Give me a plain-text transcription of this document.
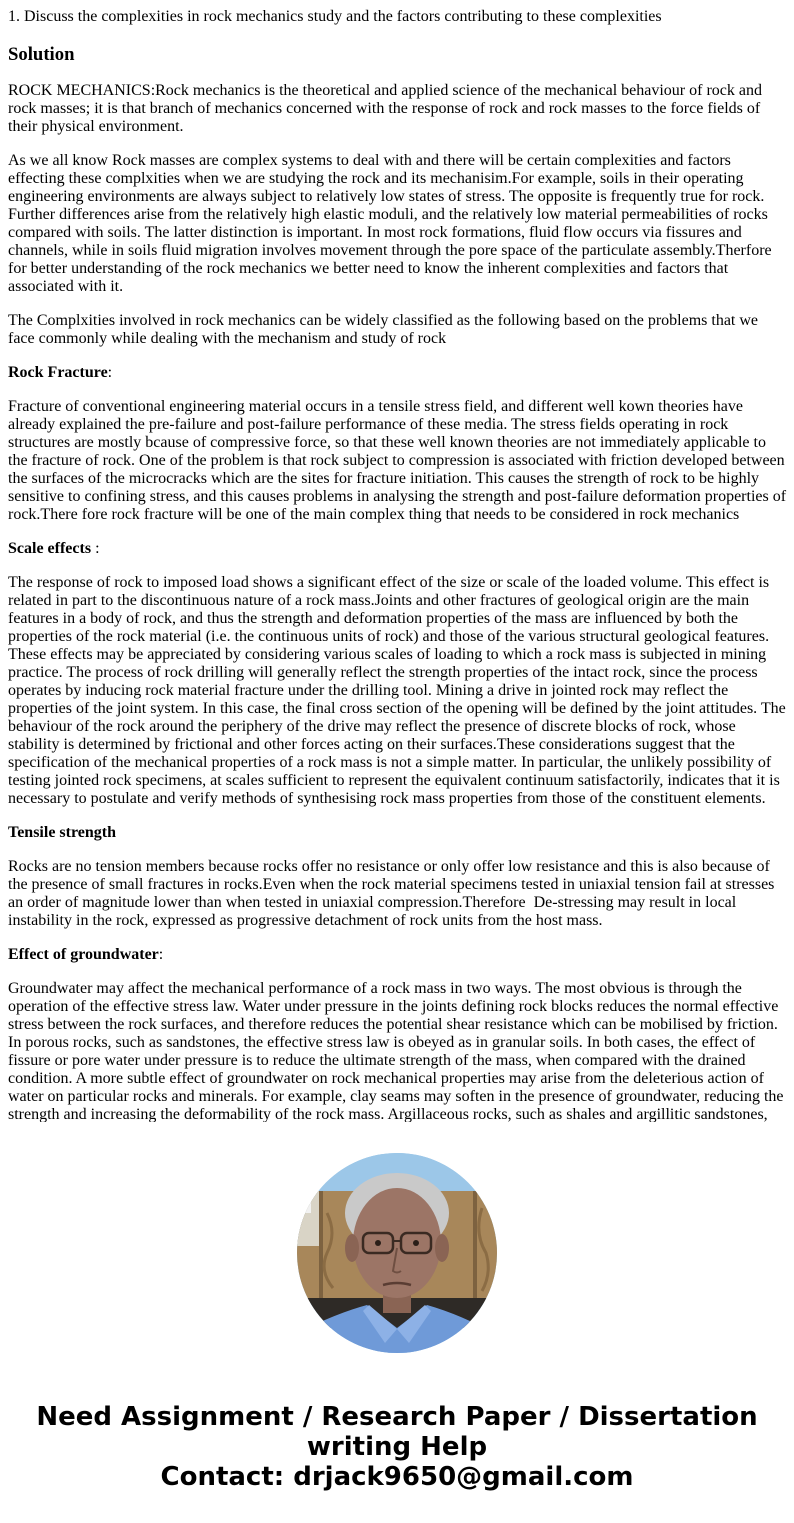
1. Discuss the complexities in rock mechanics study and the factors contributing to these complexities
Solution

ROCK MECHANICS:Rock mechanics is the theoretical and applied science of the mechanical behaviour of rock and rock masses; it is that branch of mechanics concerned with the response of rock and rock masses to the force fields of their physical environment.

As we all know Rock masses are complex systems to deal with and there will be certain complexities and factors effecting these complxities when we are studying the rock and its mechanisim.For example, soils in their operating engineering environments are always subject to relatively low states of stress. The opposite is frequently true for rock. Further differences arise from the relatively high elastic moduli, and the relatively low material permeabilities of rocks compared with soils. The latter distinction is important. In most rock formations, fluid flow occurs via fissures and channels, while in soils fluid migration involves movement through the pore space of the particulate assembly.Therfore for better understanding of the rock mechanics we better need to know the inherent complexities and factors that associated with it.

The Complxities involved in rock mechanics can be widely classified as the following based on the problems that we face commonly while dealing with the mechanism and study of rock

Rock Fracture:

Fracture of conventional engineering material occurs in a tensile stress field, and different well kown theories have already explained the pre-failure and post-failure performance of these media. The stress fields operating in rock structures are mostly bcause of compressive force, so that these well known theories are not immediately applicable to the fracture of rock. One of the problem is that rock subject to compression is associated with friction developed between the surfaces of the microcracks which are the sites for fracture initiation. This causes the strength of rock to be highly sensitive to confining stress, and this causes problems in analysing the strength and post-failure deformation properties of rock.There fore rock fracture will be one of the main complex thing that needs to be considered in rock mechanics

Scale effects :

The response of rock to imposed load shows a significant effect of the size or scale of the loaded volume. This effect is related in part to the discontinuous nature of a rock mass.Joints and other fractures of geological origin are the main features in a body of rock, and thus the strength and deformation properties of the mass are influenced by both the properties of the rock material (i.e. the continuous units of rock) and those of the various structural geological features. These effects may be appreciated by considering various scales of loading to which a rock mass is subjected in mining practice. The process of rock drilling will generally reflect the strength properties of the intact rock, since the process operates by inducing rock material fracture under the drilling tool. Mining a drive in jointed rock may reflect the properties of the joint system. In this case, the final cross section of the opening will be defined by the joint attitudes. The behaviour of the rock around the periphery of the drive may reflect the presence of discrete blocks of rock, whose stability is determined by frictional and other forces acting on their surfaces.These considerations suggest that the specification of the mechanical properties of a rock mass is not a simple matter. In particular, the unlikely possibility of testing jointed rock specimens, at scales sufficient to represent the equivalent continuum satisfactorily, indicates that it is necessary to postulate and verify methods of synthesising rock mass properties from those of the constituent elements.

Tensile strength

Rocks are no tension members because rocks offer no resistance or only offer low resistance and this is also because of the presence of small fractures in rocks.Even when the rock material specimens tested in uniaxial tension fail at stresses an order of magnitude lower than when tested in uniaxial compression.Therefore  De-stressing may result in local instability in the rock, expressed as progressive detachment of rock units from the host mass.

Effect of groundwater:

Groundwater may affect the mechanical performance of a rock mass in two ways. The most obvious is through the operation of the effective stress law. Water under pressure in the joints defining rock blocks reduces the normal effective stress between the rock surfaces, and therefore reduces the potential shear resistance which can be mobilised by friction. In porous rocks, such as sandstones, the effective stress law is obeyed as in granular soils. In both cases, the effect of fissure or pore water under pressure is to reduce the ultimate strength of the mass, when compared with the drained condition. A more subtle effect of groundwater on rock mechanical properties may arise from the deleterious action of water on particular rocks and minerals. For example, clay seams may soften in the presence of groundwater, reducing the strength and increasing the deformability of the rock mass. Argillaceous rocks, such as shales and argillitic sandstones,

Need Assignment / Research Paper / Dissertation
writing Help
Contact: drjack9650@gmail.com
